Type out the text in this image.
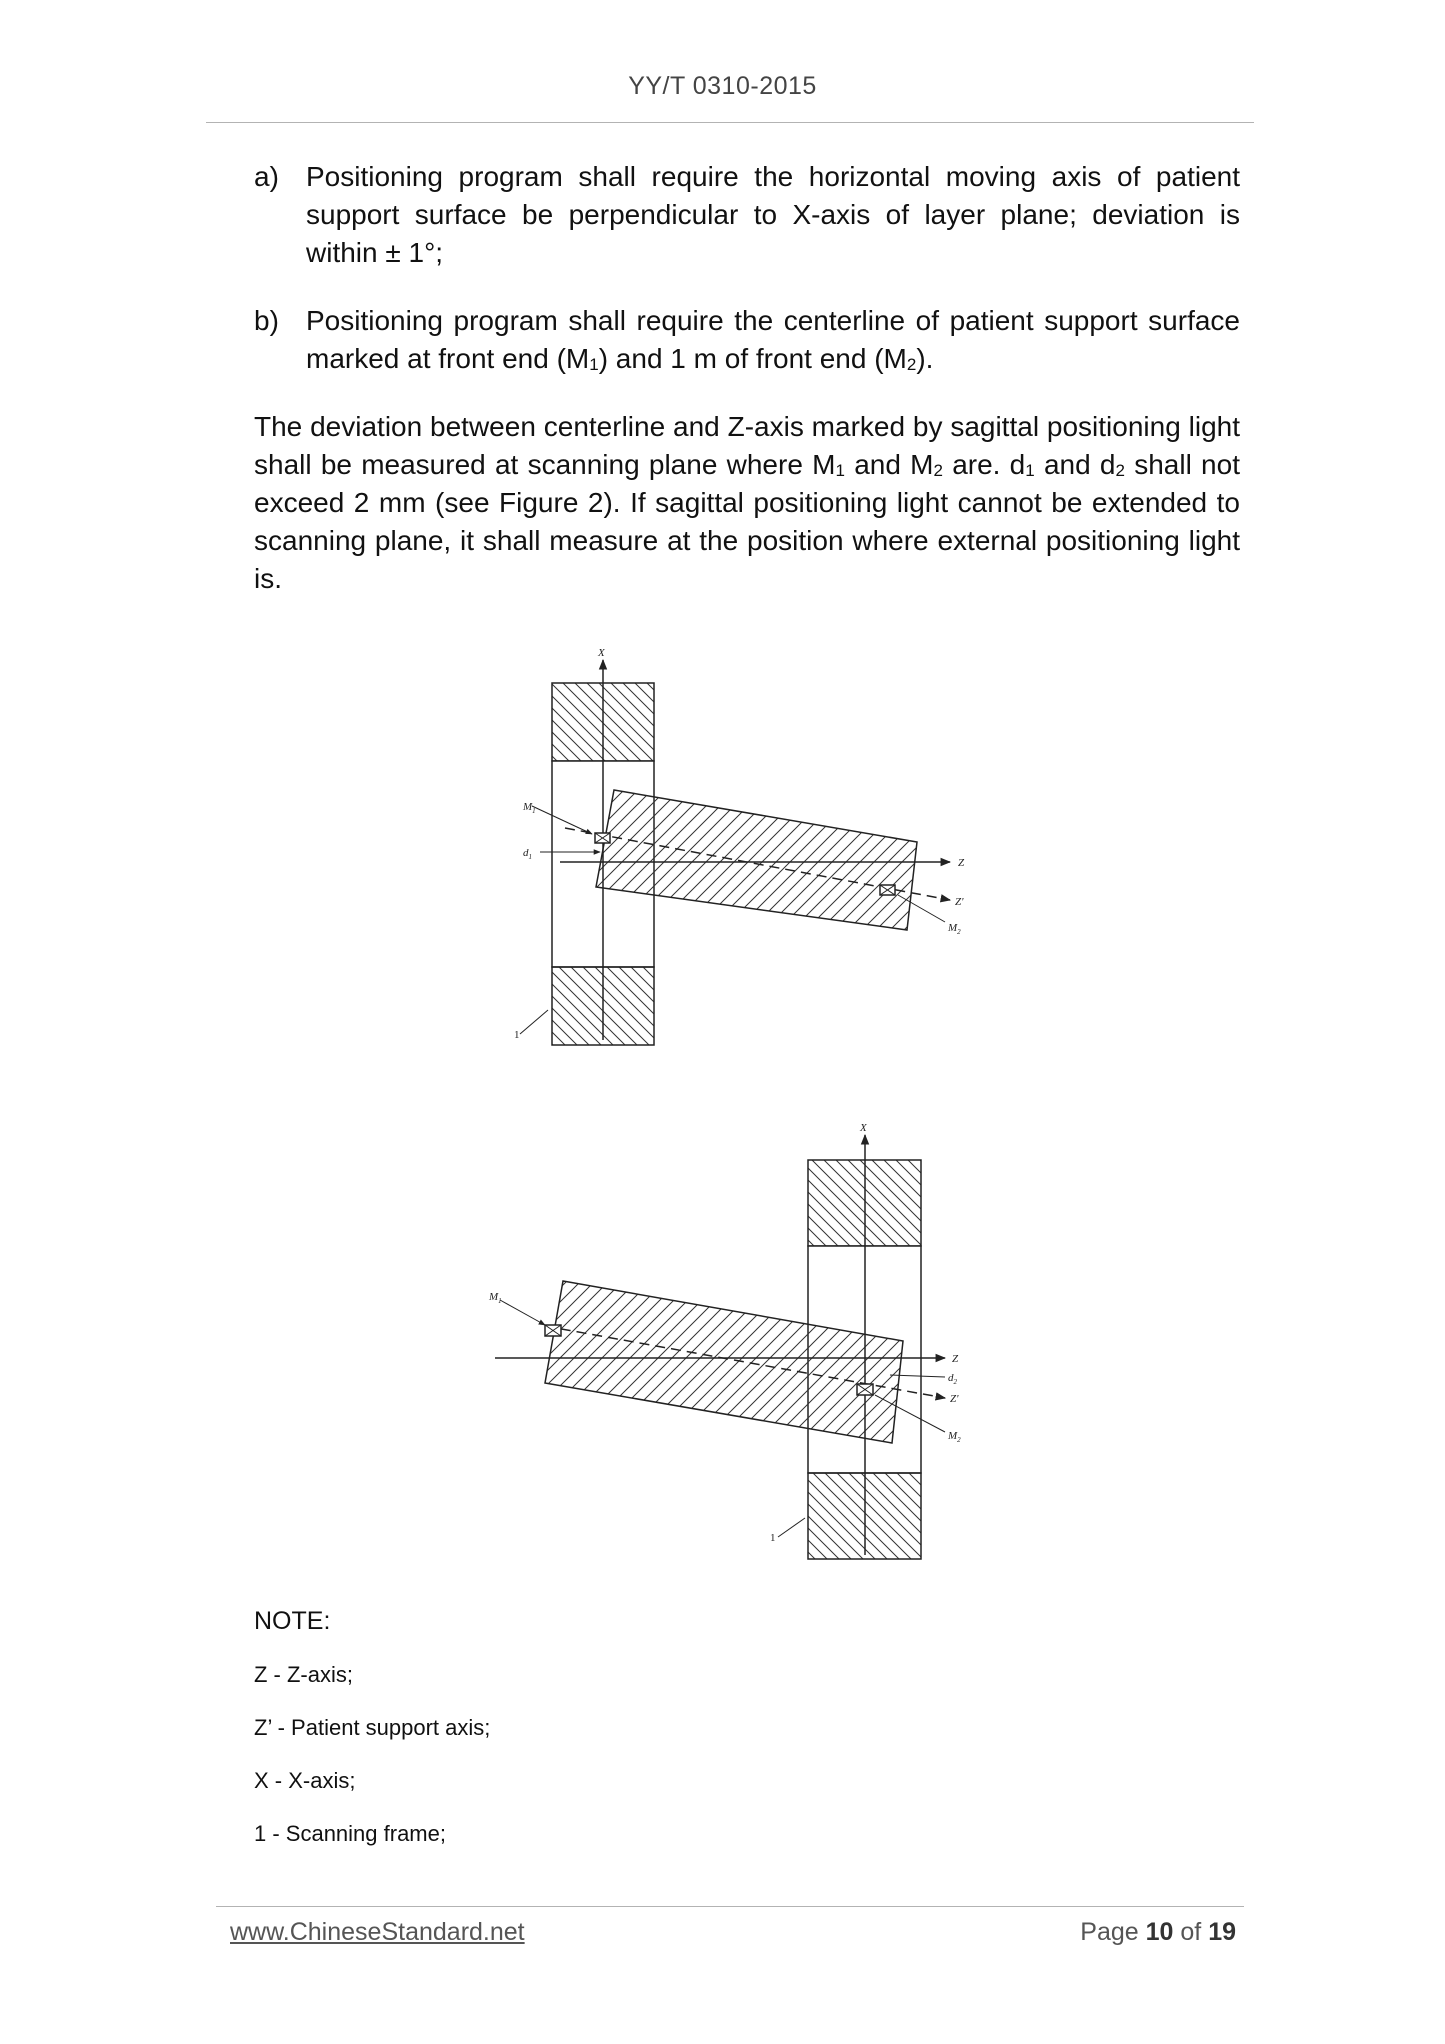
YY/T 0310-2015
a) Positioning program shall require the horizontal moving axis of patient support surface be perpendicular to X-axis of layer plane; deviation is within ± 1°;
b) Positioning program shall require the centerline of patient support surface marked at front end $(M_1)$ and 1 m of front end $(M_2)$.
The deviation between centerline and Z-axis marked by sagittal positioning light shall be measured at scanning plane where $M_1$ and $M_2$ are. $d_1$ and $d_2$ shall not exceed 2 mm (see Figure 2). If sagittal positioning light cannot be extended to scanning plane, it shall measure at the position where external positioning light is.
X
Z
Z'
$M_1$
$d_1$
$M_2$
1
X
Z
Z'
$M_1$
$d_2$
$M_2$
1
NOTE:
Z - Z-axis;
Z’ - Patient support axis;
X - X-axis;
1 - Scanning frame;
www.ChineseStandard.net	Page 10 of 19
